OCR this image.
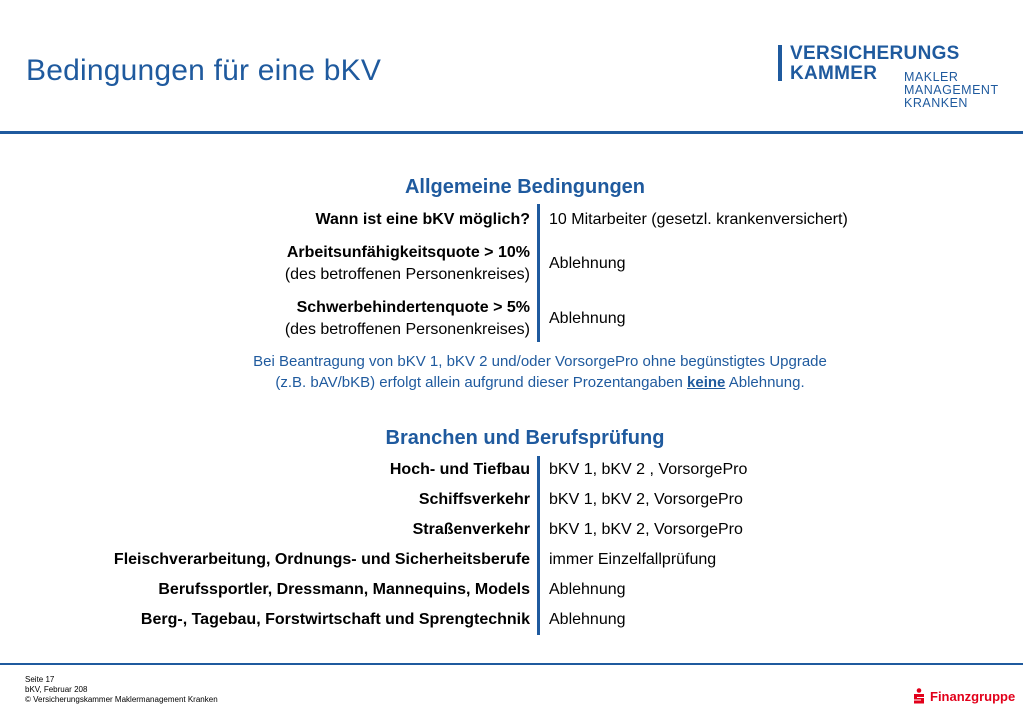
Bedingungen für eine bKV
VERSICHERUNGS
KAMMER MAKLER
MANAGEMENT
KRANKEN
Allgemeine Bedingungen
Wann ist eine bKV möglich? 10 Mitarbeiter (gesetzl. krankenversichert)
Arbeitsunfähigkeitsquote > 10%
(des betroffenen Personenkreises)
Ablehnung
Schwerbehindertenquote > 5%
(des betroffenen Personenkreises)
Ablehnung
Bei Beantragung von bKV 1, bKV 2 und/oder VorsorgePro ohne begünstigtes Upgrade
(z.B. bAV/bKB) erfolgt allein aufgrund dieser Prozentangaben keine Ablehnung.
Branchen und Berufsprüfung
Hoch- und Tiefbau bKV 1, bKV 2 , VorsorgePro
Schiffsverkehr bKV 1, bKV 2, VorsorgePro
Straßenverkehr bKV 1, bKV 2, VorsorgePro
Fleischverarbeitung, Ordnungs- und Sicherheitsberufe immer Einzelfallprüfung
Berufssportler, Dressmann, Mannequins, Models Ablehnung
Berg-, Tagebau, Forstwirtschaft und Sprengtechnik Ablehnung
Seite 17
bKV, Februar 208
© Versicherungskammer Maklermanagement Kranken	Finanzgruppe
